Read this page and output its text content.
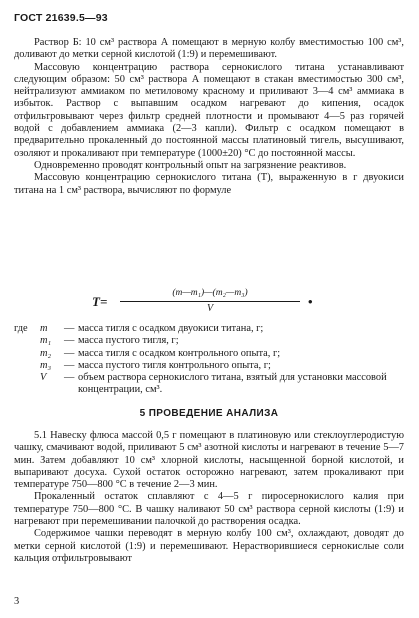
ГОСТ 21639.5—93

Раствор Б: 10 см³ раствора А помещают в мерную колбу вместимостью 100 см³, доливают до метки серной кислотой (1:9) и перемешивают.

Массовую концентрацию раствора сернокислого титана устанавливают следующим образом: 50 см³ раствора А помещают в стакан вместимостью 300 см³, нейтрализуют аммиаком по метиловому красному и приливают 3—4 см³ аммиака в избыток. Раствор с выпавшим осадком нагревают до кипения, осадок отфильтровывают через фильтр средней плотности и промывают 4—5 раз горячей водой с добавлением аммиака (2—3 капли). Фильтр с осадком помещают в предварительно прокаленный до постоянной массы платиновый тигель, высушивают, озоляют и прокаливают при температуре (1000±20) °С до постоянной массы.

Одновременно проводят контрольный опыт на загрязнение реактивов.

Массовую концентрацию сернокислого титана (T), выраженную в г двуокиси титана на 1 см³ раствора, вычисляют по формуле

T=
(m—m₁)—(m₂—m₃)
V	•
где	m	— масса тигля с осадком двуокиси титана, г;
m₁	— масса пустого тигля, г;
m₂	— масса тигля с осадком контрольного опыта, г;
m₃	— масса пустого тигля контрольного опыта, г;
V	— объем раствора сернокислого титана, взятый для установки массовой концентрации, см³.
5 ПРОВЕДЕНИЕ АНАЛИЗА

5.1 Навеску флюса массой 0,5 г помещают в платиновую или стеклоуглеродистую чашку, смачивают водой, приливают 5 см³ азотной кислоты и нагревают в течение 5—7 мин. Затем добавляют 10 см³ хлорной кислоты, насыщенной борной кислотой, и выпаривают досуха. Сухой остаток осторожно нагревают, затем прокаливают при температуре 750—800 °С в течение 2—3 мин.

Прокаленный остаток сплавляют с 4—5 г пиросернокислого калия при температуре 750—800 °С. В чашку наливают 50 см³ раствора серной кислоты (1:9) и нагревают при перемешивании палочкой до растворения осадка.

Содержимое чашки переводят в мерную колбу 100 см³, охлаждают, доводят до метки серной кислотой (1:9) и перемешивают. Нерастворившиеся сернокислые соли кальция отфильтровывают

3
